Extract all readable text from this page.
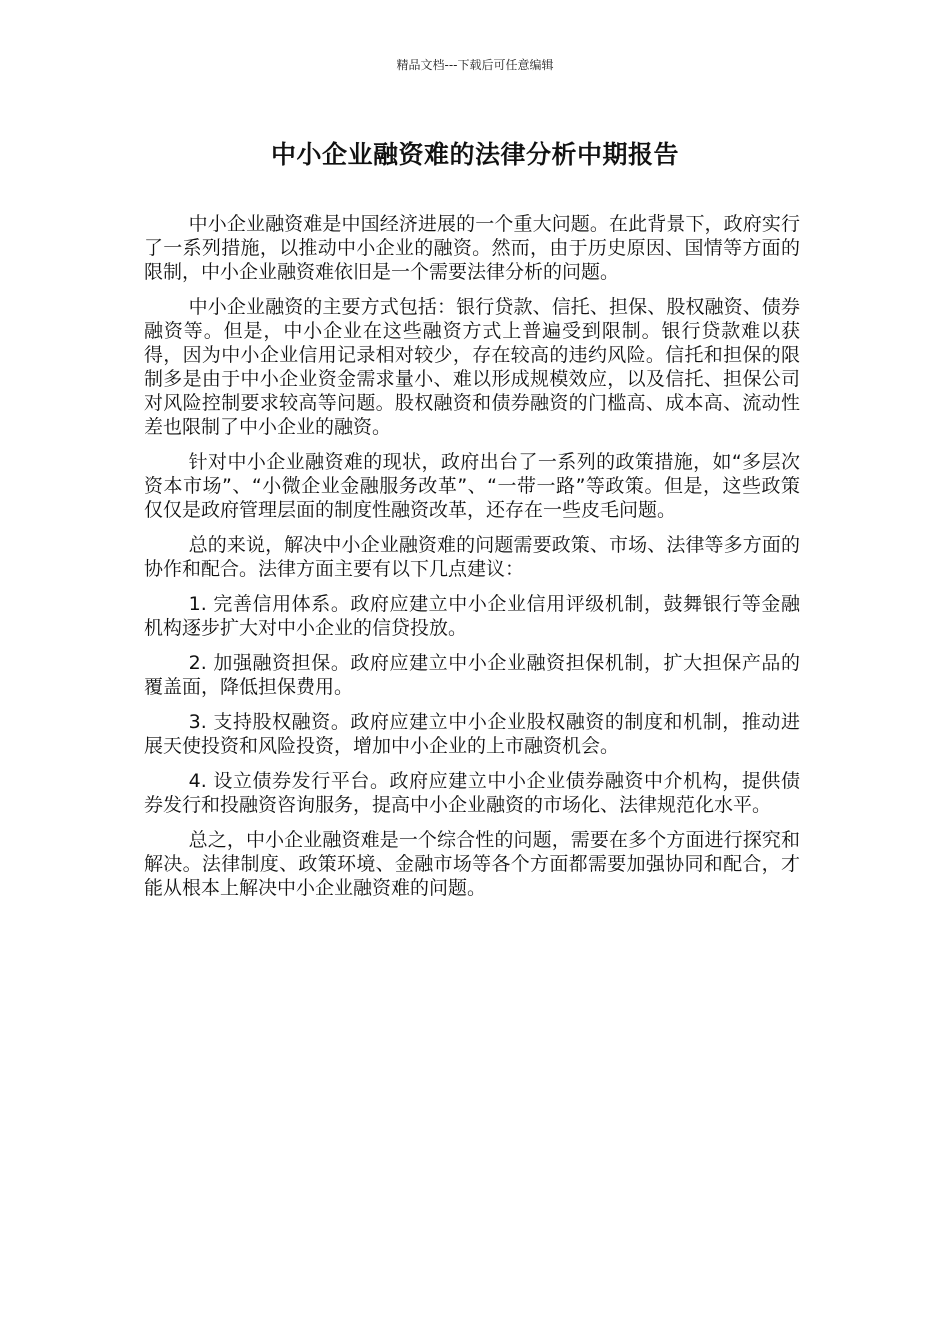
精品文档---下载后可任意编辑
中小企业融资难的法律分析中期报告

中小企业融资难是中国经济进展的一个重大问题。在此背景下，政府实行了一系列措施，以推动中小企业的融资。然而，由于历史原因、国情等方面的限制，中小企业融资难依旧是一个需要法律分析的问题。

中小企业融资的主要方式包括：银行贷款、信托、担保、股权融资、债券融资等。但是，中小企业在这些融资方式上普遍受到限制。银行贷款难以获得，因为中小企业信用记录相对较少，存在较高的违约风险。信托和担保的限制多是由于中小企业资金需求量小、难以形成规模效应，以及信托、担保公司对风险控制要求较高等问题。股权融资和债券融资的门槛高、成本高、流动性差也限制了中小企业的融资。

针对中小企业融资难的现状，政府出台了一系列的政策措施，如“多层次资本市场”、“小微企业金融服务改革”、“一带一路”等政策。但是，这些政策仅仅是政府管理层面的制度性融资改革，还存在一些皮毛问题。

总的来说，解决中小企业融资难的问题需要政策、市场、法律等多方面的协作和配合。法律方面主要有以下几点建议：

1. 完善信用体系。政府应建立中小企业信用评级机制，鼓舞银行等金融机构逐步扩大对中小企业的信贷投放。

2. 加强融资担保。政府应建立中小企业融资担保机制，扩大担保产品的覆盖面，降低担保费用。

3. 支持股权融资。政府应建立中小企业股权融资的制度和机制，推动进展天使投资和风险投资，增加中小企业的上市融资机会。

4. 设立债券发行平台。政府应建立中小企业债券融资中介机构，提供债券发行和投融资咨询服务，提高中小企业融资的市场化、法律规范化水平。

总之，中小企业融资难是一个综合性的问题，需要在多个方面进行探究和解决。法律制度、政策环境、金融市场等各个方面都需要加强协同和配合，才能从根本上解决中小企业融资难的问题。
